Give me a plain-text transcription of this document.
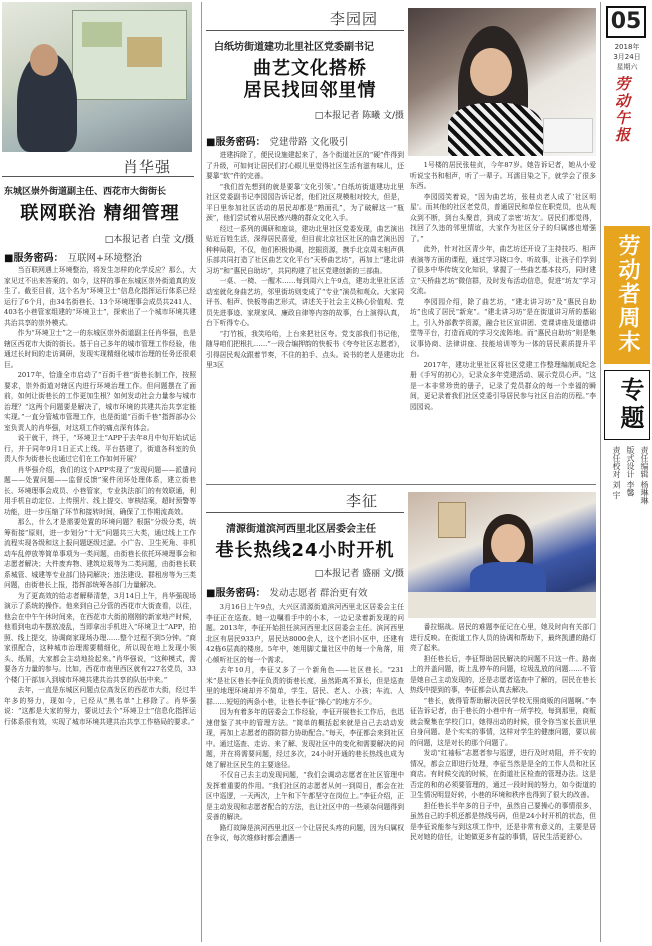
肖华强
东城区崇外街道副主任、西花市大街街长
联网联治 精细管理
□本报记者 白莹 文/摄
■服务密码： 互联网+环境整治

当百联网遇上环境整治，将发生怎样的化学反应？那么，大家见过不出来答案的。如今，这样的事在东城区崇外街道真的发生了。截至目前，这个名为“环境卫士”信息化指挥运行体系已经运行了6个月，由34名街巷长、13个环境理事会成员共241人、403名小巷管家组建的“环境卫士”，探索出了一个城市环境共建共治共享的崇外模式。

作为“环境卫士”之一的东城区崇外街道副主任肖华强，也是辖区西花市大街的街长。基于自己多年的城市管理工作经验，他通过长时间的走访调研，发现实现精细化城市治理的任务还很艰巨。

2017年，恰逢全市启动了“百街千巷”街巷长制工作，按照要求，崇外街道对辖区内进行环境治理工作。但问题摆在了面前，如何让街巷长的工作更加生根？如何发动社会力量参与城市治理？“这两个问题要是解决了，城市环境的共建共治共享定能实现。”一直分管城市管理工作，也是街道“百街千巷”指挥部办公室负责人的肖华强，对这项工作的痛点深有体会。

说干就干，终于，“环境卫士”APP于去年8月中旬开始试运行，并于同年9月1日正式上线。平台搭建了，街道各科室的负责人作为街巷长也通过它们在工作如何开展？

肖华强介绍，我们的这个APP实现了“发现问题——派遣问题——处置问题——监督反馈”案件闭环处理体系，建立街巷长、环境理事会成员、小巷管家，专业执法部门的有效联通，利用手机自动定位、上传照片、线上提交、审核结案，超时预警等功能，进一步压缩了环节和接转时间，确保了工作期流高效。

那么，什么才是需要处置的环境问题？根据“分级分类，统筹衔接”原则，进一步划分“十无”问题共三大类，通过线上工作流程实现各级和这上报问题逐级过滤。小广告、卫生死角、非机动车乱停放等简单事项为一类问题，由街巷长依托环境理事会和志愿者解决；大件废弃物、建筑垃圾等为二类问题，由街巷长联系城管、城建等专业部门协同解决；违法建设、群租房等为三类问题，由街巷长上报，指挥部统筹各部门力量解决。

为了更高效的给志者解释清楚，3月14日上午，肖华强现场演示了系统的操作。他来到自己分管的西花市大街查看，以往，他会在中午午休时间来，在西花市大街前刚刚的新家地产时候，他看到电动车摆放凌乱，当即拿出手机进入“环境卫士”APP，拍照、线上提交，协调商家现场办理……整个过程不到5分钟。“商家很配合，这种城市治理需要精细化，所以现在地上发现小领头、纸屑，大家都会主动地捡起来。”肖华强说，“这种模式，需要各方力量的参与。比如，西花市南里西区就有227名党员，33个楼门干部加入到城市环境共建共治共享的队伍中来。”

去年，一直是东城区问题点位高发区的西花市大街，经过半年多的努力，现如今，已经从“黑名单”上移除了。肖华强说：“这都是大家的努力，要说过去个“环境卫士”信息化指挥运行体系很有效，实现了城市环境共建共治共享工作格局的要求。”

李园园
白纸坊街道建功北里社区党委副书记
曲艺文化搭桥
居民找回邻里情
□本报记者 陈曦 文/摄
■服务密码： 党建带路 文化吸引

进建拆除了，便民设施建起来了，各个街道社区的“硬”件得到了升级，可如何让居民们打心眼儿里觉得社区生活有滋有味儿，还要靠“软”件的完善。

“我们首先想到的就是要靠‘文化引领’。”白纸坊街道建功北里社区党委副书记李园园告诉记者，他们社区规模相对较大，但是，平日里参加社区活动的居民却都是“熟面孔”，为了破解这一“瓶颈”，他们尝试着从居民感兴趣的群众文化入手。

经过一系列的调研和座谈，建功北里社区党委发现，曲艺演出贴近百姓生活，深得居民喜爱，但目前北京社区社区的曲艺演出因种种局限，不仅，他们积极协调，挖掘资源，携手北京周末相声俱乐部共同打造了社区曲艺文化平台“天桥曲艺坊”，再加上“建北讲习坊”和“惠民自助坊”，共同构建了社区党建创新的三部曲。

一桌、一椅、一醒木……每到周六上午9点，建功北里社区活动室就化身曲艺坊，邻里街坊则变成了“专业”演员和观众。大家同评书、相声、快板等曲艺形式，讲述关于社会主义核心价值观、党员先进事迹、家规家风、廉政自律等内容的故事，台上演得认真，台下听得专心。

“打竹板，我笑哈哈，上台来把社区夸。党支部我们书记他，随导咱们把根扎……”一段合编押韵的快板书《夸夸社区志愿者》，引得居民观众跟着节奏，不住的拍手、点头。说书的老人是建功北里3区

1号楼的居民张桂贞，今年87岁。她告诉记者，她从小爱听说宝书和相声，听了一辈子。耳濡目染之下，就学会了很多东西。

李园园笑着说，“因为曲艺坊，张桂贞老人成了‘社区明星’。而其他的社区老党员，普通居民和单位在职党员，也从观众到不断，到台头聚首，到成了亲密‘坊友’。居民们都觉得，找回了久违的邻里情谊，大家作为社区分子的归属感也增强了。”

此外，针对社区青少年，曲艺坊还开设了主持技巧、相声表演等方面的课程，通过学习晓口令、听故事，让孩子们学到了很多中华传统文化知识，掌握了一些曲艺基本技巧，同时建立“天桥曲艺坊”微信群，及时发布活动信息，促进“坊友”学习交流。

李园园介绍，除了曲艺坊，“建北讲习坊”及“惠民自助坊”也成了居民“新宠”。“建北讲习坊”是在街道讲习所的基础上，引入外部教学资源，融合社区宣讲团、党课讲座及道德讲堂等平台，打造而成的学习交流阵地。而“惠民自助坊”则是集议事协商、法律讲座、技能培训等为一体的居民素质提升平台。

2017年，建功北里社区将社区党建工作整理编制成纪念册《手写的初心》，记录众多年党建活动、展示党员心声。“这是一本非常珍贵的册子，记录了党员群众的每一个幸福的瞬间，更记录着我们社区党委引导居民参与社区自治的历程。”李园园说。

李征
清源街道滨河西里北区居委会主任
巷长热线24小时开机
□本报记者 盛丽 文/摄
■服务密码： 发动志愿者 群治更有效

3月16日上午9点，大兴区清源街道滨河西里北区居委会主任李征正在巡查。她一边嘱看手中的小本，一边记录着新发现的问题。2013年，李征开始担任滨河西里北区居委会主任。滨河西里北区有居民933户，居民达8000余人，这个老旧小区中，还建有42栋6层高的楼房。5年中，她用脚丈量社区中的每一个角落，用心倾听社区的每一个需求。

去年10月，李征又多了一个新角色——社区巷长。“231米”是社区巷长李征负责的街巷长度，虽然距离不算长，但是巡查里的地理环境却并不简单，学生、居民、老人、小孩；车流、人群……短短的两条小巷，让巷长李征“操心”的地方不少。

因为有着多年的居委会工作经验，李征开展巷长工作后，也迅速借鉴了其中的管理方法。“简单的概括起来就是自己去动动发现，再加上志愿者的群防群力协助配合。”每天，李征都会来到社区中。通过巡查、走访、来了解、发现社区中的变化和需要解决的问题，并在将需要问题，经过多次，24小时开通的巷长热线也成为她了解社区民生的主要途径。

不仅自己去主动发现问题，“我们会调动志愿者在社区管理中发挥着重要的作用。“我们社区的志愿者从何一到周日，都会在社区中巡逻，一天两次，上午和下午都坚守在岗位上。”李征介绍，正是主动发现和志愿者配合的方法，也让社区中的一些顽杂问题得到妥善的解决。

路灯故障是滨河西里北区一个让居民头疼的问题，因为归属权在争议，每次维修时都会遭遇一

番拉锯战。居民的难题李征记在心里，她及时向有关部门进行反映。在街道工作人员的协调和帮助下，最终凯遭的路灯亮了起来。

担任巷长后，李征帮助居民解决的问题不只这一件。路南上的并盖问题，街上乱停车的问题，垃圾乱放的问题……不管是她自己主动发现的，还是志愿者巡查中了解的，居民在巷长热线中提到的事，李征都会认真去解决。

“巷长，就得管帮助解决居民学校无照商贩的问题啊。”李征告诉记者，由于巷长的小巷中有一所学校，每到那里，商贩就会聚集在学校门口，她得出动的时候，很令你当家长意识里自身问题。是个实实的事情，这样对学生的健康问题，要以前的问题，这是对长的那个问题了。

发动“红袖标”志愿者参与巡逻，进行及时劝阻，并不安的情况，都会立即进行处理，李征当然是是全的工作人员和社区商店。有时候交流的时候，在街道社区检查的管理办法。这是否定的和的必须要管理的，通过一段时间的努力，如今街道的卫生情况明显好转，小巷的环境和秩序也得到了很大的改善。

担任巷长半年多的日子中，虽然自己要操心的事情很多，虽然自己的手机还都是热线号码，但是24小时开机的状态，但是李征说能参与到这项工作中，还是非常有意义的，主要是居民对她的信任，让她做更多有益的事情，居民生活更舒心。

05
2018年
3月24日
星期六
劳动午报
劳动者周末
专题
责任编辑 杨琳琳
版式设计 李馨
责任校对 刘 宇
